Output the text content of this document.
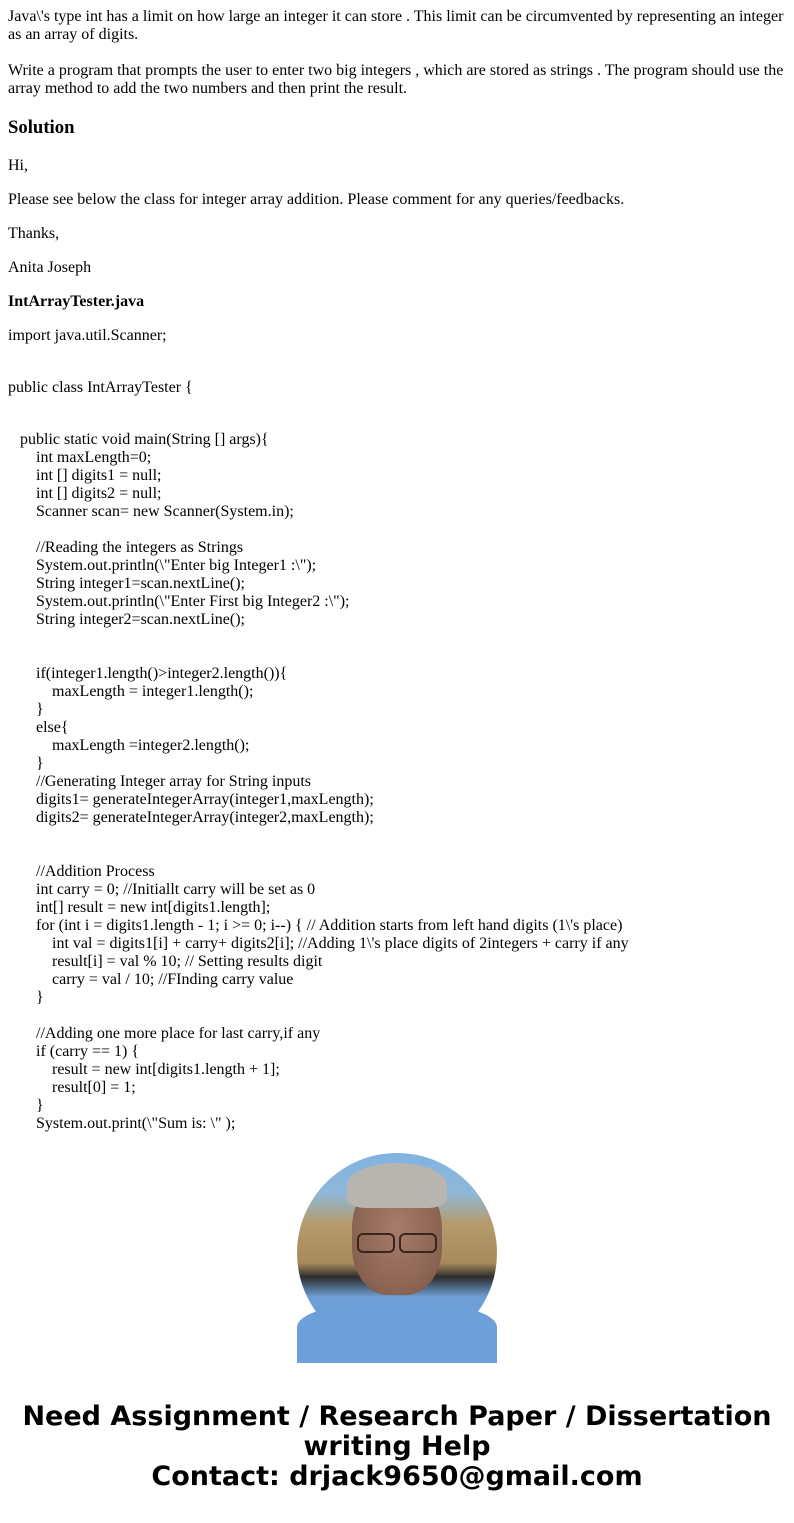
Java\'s type int has a limit on how large an integer it can store . This limit can be circumvented by representing an integer as an array of digits.

Write a program that prompts the user to enter two big integers , which are stored as strings . The program should use the array method to add the two numbers and then print the result.

Solution

Hi,

Please see below the class for integer array addition. Please comment for any queries/feedbacks.

Thanks,

Anita Joseph

IntArrayTester.java

import java.util.Scanner;

public class IntArrayTester {

public static void main(String [] args){
int maxLength=0;
int [] digits1 = null;
int [] digits2 = null;
Scanner scan= new Scanner(System.in);
//Reading the integers as Strings
System.out.println(\"Enter big Integer1 :\");
String integer1=scan.nextLine();
System.out.println(\"Enter First big Integer2 :\");
String integer2=scan.nextLine();
if(integer1.length()>integer2.length()){
maxLength = integer1.length();
}
else{
maxLength =integer2.length();
}
//Generating Integer array for String inputs
digits1= generateIntegerArray(integer1,maxLength);
digits2= generateIntegerArray(integer2,maxLength);
//Addition Process
int carry = 0; //Initiallt carry will be set as 0
int[] result = new int[digits1.length];
for (int i = digits1.length - 1; i >= 0; i--) { // Addition starts from left hand digits (1\'s place)
int val = digits1[i] + carry+ digits2[i]; //Adding 1\'s place digits of 2integers + carry if any
result[i] = val % 10; // Setting results digit
carry = val / 10; //FInding carry value
}
//Adding one more place for last carry,if any
if (carry == 1) {
result = new int[digits1.length + 1];
result[0] = 1;
}
System.out.print(\"Sum is: \" );
Need Assignment / Research Paper / Dissertation
writing Help
Contact: drjack9650@gmail.com
